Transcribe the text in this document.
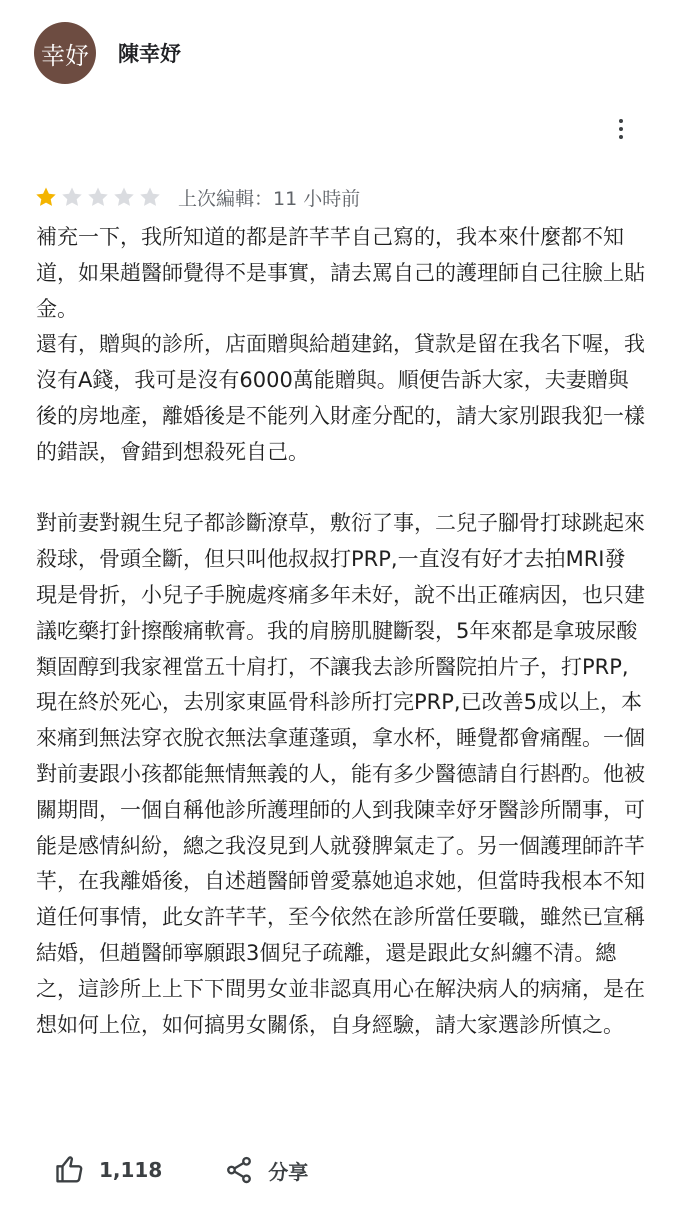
幸妤	陳幸妤
上次編輯：11 小時前

補充一下，我所知道的都是許芊芊自己寫的，我本來什麼都不知道，如果趙醫師覺得不是事實，請去罵自己的護理師自己往臉上貼金。
還有，贈與的診所，店面贈與給趙建銘，貸款是留在我名下喔，我沒有A錢，我可是沒有6000萬能贈與。順便告訴大家，夫妻贈與後的房地產，離婚後是不能列入財產分配的，請大家別跟我犯一樣的錯誤，會錯到想殺死自己。

對前妻對親生兒子都診斷潦草，敷衍了事，二兒子腳骨打球跳起來殺球，骨頭全斷，但只叫他叔叔打PRP,一直沒有好才去拍MRI發現是骨折，小兒子手腕處疼痛多年未好，說不出正確病因，也只建議吃藥打針擦酸痛軟膏。我的肩膀肌腱斷裂，5年來都是拿玻尿酸類固醇到我家裡當五十肩打，不讓我去診所醫院拍片子，打PRP,現在終於死心，去別家東區骨科診所打完PRP,已改善5成以上，本來痛到無法穿衣脫衣無法拿蓮蓬頭，拿水杯，睡覺都會痛醒。一個對前妻跟小孩都能無情無義的人，能有多少醫德請自行斟酌。他被關期間，一個自稱他診所護理師的人到我陳幸妤牙醫診所鬧事，可能是感情糾紛，總之我沒見到人就發脾氣走了。另一個護理師許芊芊，在我離婚後，自述趙醫師曾愛慕她追求她，但當時我根本不知道任何事情，此女許芊芊，至今依然在診所當任要職，雖然已宣稱結婚，但趙醫師寧願跟3個兒子疏離，還是跟此女糾纏不清。總之，這診所上上下下間男女並非認真用心在解決病人的病痛，是在想如何上位，如何搞男女關係，自身經驗，請大家選診所慎之。

1,118	分享
